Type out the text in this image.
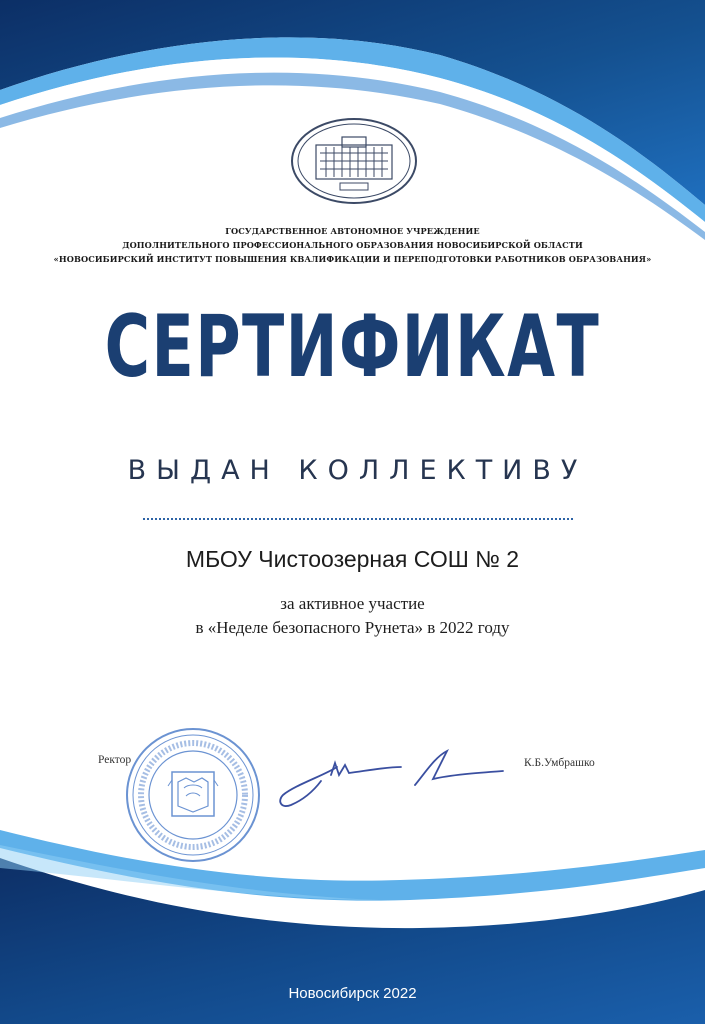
ГОСУДАРСТВЕННОЕ АВТОНОМНОЕ УЧРЕЖДЕНИЕ
ДОПОЛНИТЕЛЬНОГО ПРОФЕССИОНАЛЬНОГО ОБРАЗОВАНИЯ НОВОСИБИРСКОЙ ОБЛАСТИ
«НОВОСИБИРСКИЙ ИНСТИТУТ ПОВЫШЕНИЯ КВАЛИФИКАЦИИ И ПЕРЕПОДГОТОВКИ РАБОТНИКОВ ОБРАЗОВАНИЯ»
СЕРТИФИКАТ
ВЫДАН КОЛЛЕКТИВУ
МБОУ Чистоозерная СОШ № 2
за активное участие
в «Неделе безопасного Рунета» в 2022 году
Ректор	К.Б.Умбрашко
Новосибирск 2022
